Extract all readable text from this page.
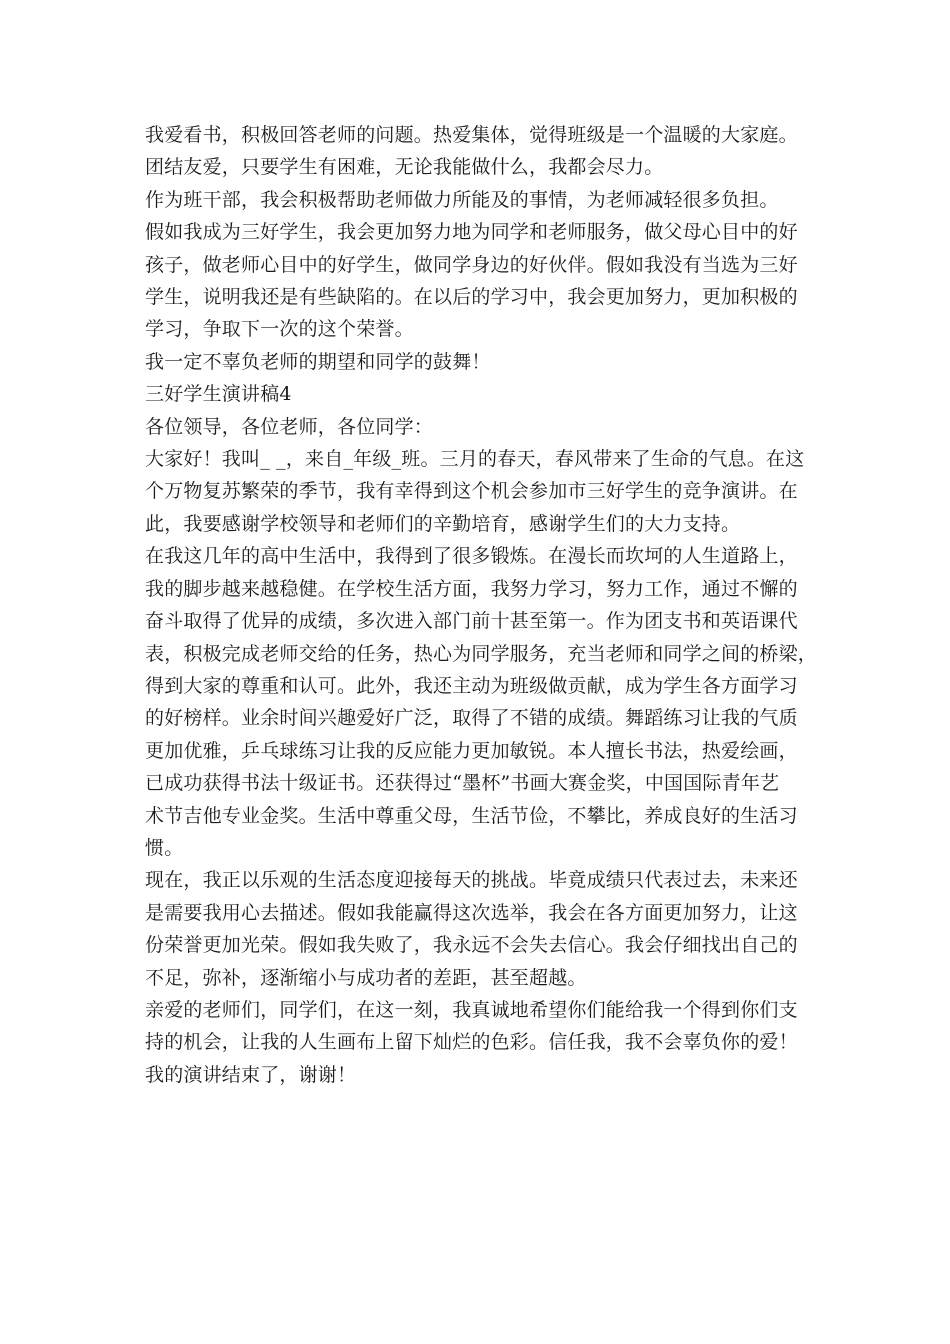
我爱看书，积极回答老师的问题。热爱集体，觉得班级是一个温暖的大家庭。

团结友爱，只要学生有困难，无论我能做什么，我都会尽力。

作为班干部，我会积极帮助老师做力所能及的事情，为老师减轻很多负担。

假如我成为三好学生，我会更加努力地为同学和老师服务，做父母心目中的好
孩子，做老师心目中的好学生，做同学身边的好伙伴。假如我没有当选为三好
学生，说明我还是有些缺陷的。在以后的学习中，我会更加努力，更加积极的
学习，争取下一次的这个荣誉。

我一定不辜负老师的期望和同学的鼓舞！

三好学生演讲稿4

各位领导，各位老师，各位同学：

大家好！我叫_ _，来自_年级_班。三月的春天，春风带来了生命的气息。在这
个万物复苏繁荣的季节，我有幸得到这个机会参加市三好学生的竞争演讲。在
此，我要感谢学校领导和老师们的辛勤培育，感谢学生们的大力支持。

在我这几年的高中生活中，我得到了很多锻炼。在漫长而坎坷的人生道路上，
我的脚步越来越稳健。在学校生活方面，我努力学习，努力工作，通过不懈的
奋斗取得了优异的成绩，多次进入部门前十甚至第一。作为团支书和英语课代
表，积极完成老师交给的任务，热心为同学服务，充当老师和同学之间的桥梁，
得到大家的尊重和认可。此外，我还主动为班级做贡献，成为学生各方面学习
的好榜样。业余时间兴趣爱好广泛，取得了不错的成绩。舞蹈练习让我的气质
更加优雅，乒乓球练习让我的反应能力更加敏锐。本人擅长书法，热爱绘画，
已成功获得书法十级证书。还获得过“墨杯”书画大赛金奖，中国国际青年艺
术节吉他专业金奖。生活中尊重父母，生活节俭，不攀比，养成良好的生活习
惯。

现在，我正以乐观的生活态度迎接每天的挑战。毕竟成绩只代表过去，未来还
是需要我用心去描述。假如我能赢得这次选举，我会在各方面更加努力，让这
份荣誉更加光荣。假如我失败了，我永远不会失去信心。我会仔细找出自己的
不足，弥补，逐渐缩小与成功者的差距，甚至超越。

亲爱的老师们，同学们，在这一刻，我真诚地希望你们能给我一个得到你们支
持的机会，让我的人生画布上留下灿烂的色彩。信任我，我不会辜负你的爱！

我的演讲结束了，谢谢！
